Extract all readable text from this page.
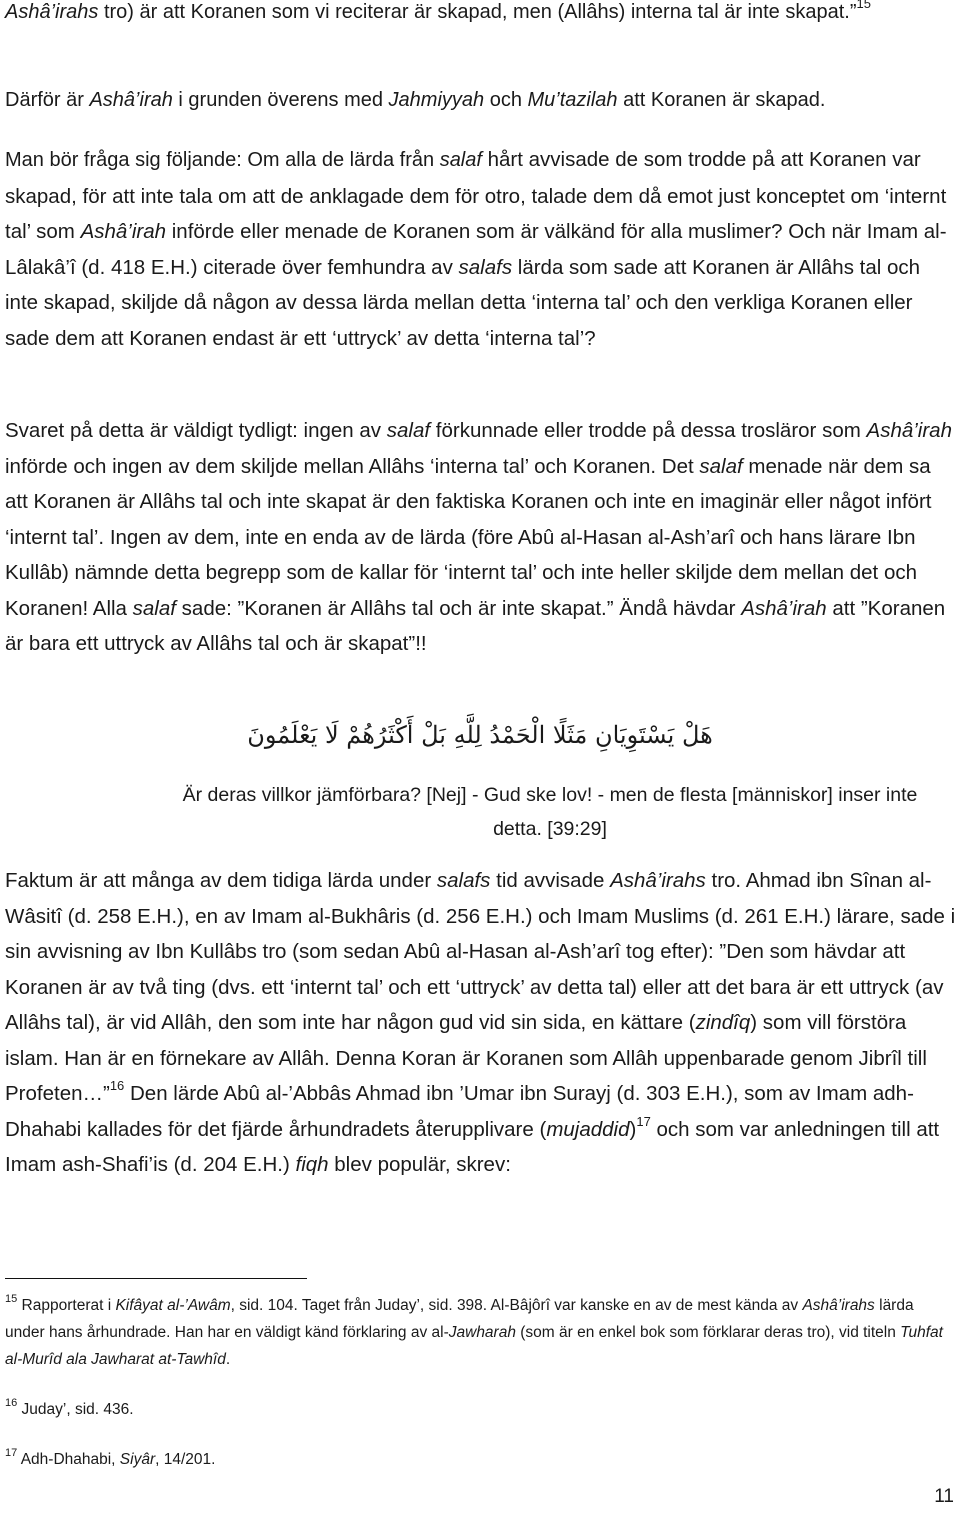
Ashâ’irahs tro) är att Koranen som vi reciterar är skapad, men (Allâhs) interna tal är inte skapat.”$^{15}$

Därför är Ashâ’irah i grunden överens med Jahmiyyah och Mu’tazilah att Koranen är skapad.

Man bör fråga sig följande: Om alla de lärda från salaf hårt avvisade de som trodde på att Koranen var skapad, för att inte tala om att de anklagade dem för otro, talade dem då emot just konceptet om ‘internt tal’ som Ashâ’irah införde eller menade de Koranen som är välkänd för alla muslimer? Och när Imam al-Lâlakâ’î (d. 418 E.H.) citerade över femhundra av salafs lärda som sade att Koranen är Allâhs tal och inte skapad, skiljde då någon av dessa lärda mellan detta ‘interna tal’ och den verkliga Koranen eller sade dem att Koranen endast är ett ‘uttryck’ av detta ‘interna tal’?

Svaret på detta är väldigt tydligt: ingen av salaf förkunnade eller trodde på dessa trosläror som Ashâ’irah införde och ingen av dem skiljde mellan Allâhs ‘interna tal’ och Koranen. Det salaf menade när dem sa att Koranen är Allâhs tal och inte skapat är den faktiska Koranen och inte en imaginär eller något infört ‘internt tal’. Ingen av dem, inte en enda av de lärda (före Abû al-Hasan al-Ash’arî och hans lärare Ibn Kullâb) nämnde detta begrepp som de kallar för ‘internt tal’ och inte heller skiljde dem mellan det och Koranen! Alla salaf sade: ”Koranen är Allâhs tal och är inte skapat.” Ändå hävdar Ashâ’irah att ”Koranen är bara ett uttryck av Allâhs tal och är skapat”!!

هَلْ يَسْتَوِيَانِ مَثَلًا الْحَمْدُ لِلَّهِ بَلْ أَكْثَرُهُمْ لَا يَعْلَمُونَ
Är deras villkor jämförbara? [Nej] - Gud ske lov! - men de flesta [människor] inser inte
detta. [39:29]

Faktum är att många av dem tidiga lärda under salafs tid avvisade Ashâ’irahs tro. Ahmad ibn Sînan al-Wâsitî (d. 258 E.H.), en av Imam al-Bukhâris (d. 256 E.H.) och Imam Muslims (d. 261 E.H.) lärare, sade i sin avvisning av Ibn Kullâbs tro (som sedan Abû al-Hasan al-Ash’arî tog efter): ”Den som hävdar att Koranen är av två ting (dvs. ett ‘internt tal’ och ett ‘uttryck’ av detta tal) eller att det bara är ett uttryck (av Allâhs tal), är vid Allâh, den som inte har någon gud vid sin sida, en kättare (zindîq) som vill förstöra islam. Han är en förnekare av Allâh. Denna Koran är Koranen som Allâh uppenbarade genom Jibrîl till Profeten…”$^{16}$ Den lärde Abû al-’Abbâs Ahmad ibn ’Umar ibn Surayj (d. 303 E.H.), som av Imam adh-Dhahabi kallades för det fjärde århundradets återupplivare (mujaddid)$^{17}$ och som var anledningen till att Imam ash-Shafi’is (d. 204 E.H.) fiqh blev populär, skrev:

$^{15}$ Rapporterat i Kifâyat al-’Awâm, sid. 104. Taget från Juday’, sid. 398. Al-Bâjôrî var kanske en av de mest kända av Ashâ’irahs lärda under hans århundrade. Han har en väldigt känd förklaring av al-Jawharah (som är en enkel bok som förklarar deras tro), vid titeln Tuhfat al-Murîd ala Jawharat at-Tawhîd.
$^{16}$ Juday’, sid. 436.
$^{17}$ Adh-Dhahabi, Siyâr, 14/201.
11
